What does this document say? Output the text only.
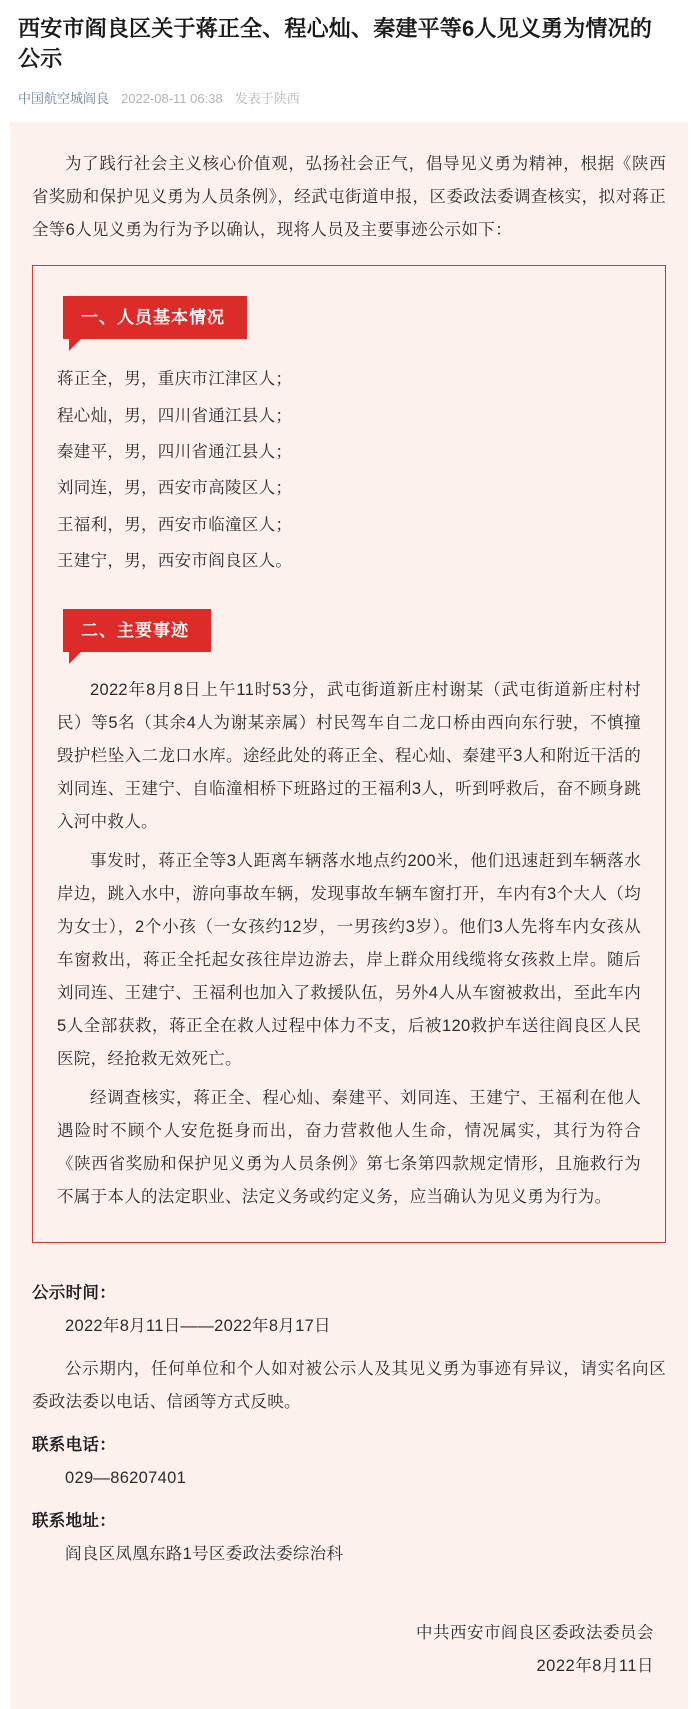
西安市阎良区关于蒋正全、程心灿、秦建平等6人见义勇为情况的公示
中国航空城阎良 2022-08-11 06:38 发表于陕西

为了践行社会主义核心价值观，弘扬社会正气，倡导见义勇为精神，根据《陕西省奖励和保护见义勇为人员条例》，经武屯街道申报，区委政法委调查核实，拟对蒋正全等6人见义勇为行为予以确认，现将人员及主要事迹公示如下：

一、人员基本情况
蒋正全，男，重庆市江津区人；
程心灿，男，四川省通江县人；
秦建平，男，四川省通江县人；
刘同连，男，西安市高陵区人；
王福利，男，西安市临潼区人；
王建宁，男，西安市阎良区人。
二、主要事迹

2022年8月8日上午11时53分，武屯街道新庄村谢某（武屯街道新庄村村民）等5名（其余4人为谢某亲属）村民驾车自二龙口桥由西向东行驶，不慎撞毁护栏坠入二龙口水库。途经此处的蒋正全、程心灿、秦建平3人和附近干活的刘同连、王建宁、自临潼相桥下班路过的王福利3人，听到呼救后，奋不顾身跳入河中救人。

事发时，蒋正全等3人距离车辆落水地点约200米，他们迅速赶到车辆落水岸边，跳入水中，游向事故车辆，发现事故车辆车窗打开，车内有3个大人（均为女士），2个小孩（一女孩约12岁，一男孩约3岁）。他们3人先将车内女孩从车窗救出，蒋正全托起女孩往岸边游去，岸上群众用线缆将女孩救上岸。随后刘同连、王建宁、王福利也加入了救援队伍，另外4人从车窗被救出，至此车内5人全部获救，蒋正全在救人过程中体力不支，后被120救护车送往阎良区人民医院，经抢救无效死亡。

经调查核实，蒋正全、程心灿、秦建平、刘同连、王建宁、王福利在他人遇险时不顾个人安危挺身而出，奋力营救他人生命，情况属实，其行为符合《陕西省奖励和保护见义勇为人员条例》第七条第四款规定情形，且施救行为不属于本人的法定职业、法定义务或约定义务，应当确认为见义勇为行为。

公示时间：

2022年8月11日——2022年8月17日

公示期内，任何单位和个人如对被公示人及其见义勇为事迹有异议，请实名向区委政法委以电话、信函等方式反映。

联系电话：

029—86207401

联系地址：

阎良区凤凰东路1号区委政法委综治科

中共西安市阎良区委政法委员会
2022年8月11日
